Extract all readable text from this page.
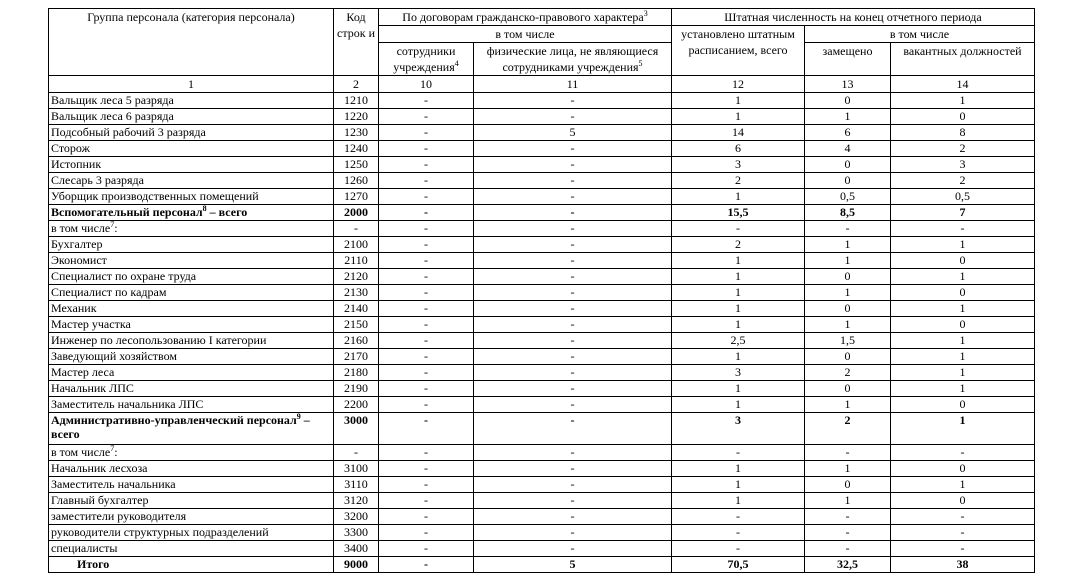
Группа персонала (категория персонала)	Код строк и	По договорам гражданско-правового характера$^3$		Штатная численность на конец отчетного периода		
		в том числе		установлено штатным расписанием, всего	в том числе	
		сотрудники учреждения$^4$	физические лица, не являющиеся сотрудниками учреждения$^5$		замещено	вакантных должностей
1	2	10	11	12	13	14
Вальщик леса 5 разряда	1210	-	-	1	0	1
Вальщик леса 6 разряда	1220	-	-	1	1	0
Подсобный рабочий 3 разряда	1230	-	5	14	6	8
Сторож	1240	-	-	6	4	2
Истопник	1250	-	-	3	0	3
Слесарь 3 разряда	1260	-	-	2	0	2
Уборщик производственных помещений	1270	-	-	1	0,5	0,5
Вспомогательный персонал$^8$ – всего	2000	-	-	15,5	8,5	7
в том числе$^7$:	-	-	-	-	-	-
Бухгалтер	2100	-	-	2	1	1
Экономист	2110	-	-	1	1	0
Специалист по охране труда	2120	-	-	1	0	1
Специалист по кадрам	2130	-	-	1	1	0
Механик	2140	-	-	1	0	1
Мастер участка	2150	-	-	1	1	0
Инженер по лесопользованию I категории	2160	-	-	2,5	1,5	1
Заведующий хозяйством	2170	-	-	1	0	1
Мастер леса	2180	-	-	3	2	1
Начальник ЛПС	2190	-	-	1	0	1
Заместитель начальника ЛПС	2200	-	-	1	1	0
Административно-управленческий персонал$^9$ – всего	3000	-	-	3	2	1
в том числе$^7$:	-	-	-	-	-	-
Начальник лесхоза	3100	-	-	1	1	0
Заместитель начальника	3110	-	-	1	0	1
Главный бухгалтер	3120	-	-	1	1	0
заместители руководителя	3200	-	-	-	-	-
руководители структурных подразделений	3300	-	-	-	-	-
специалисты	3400	-	-	-	-	-
Итого	9000	-	5	70,5	32,5	38
